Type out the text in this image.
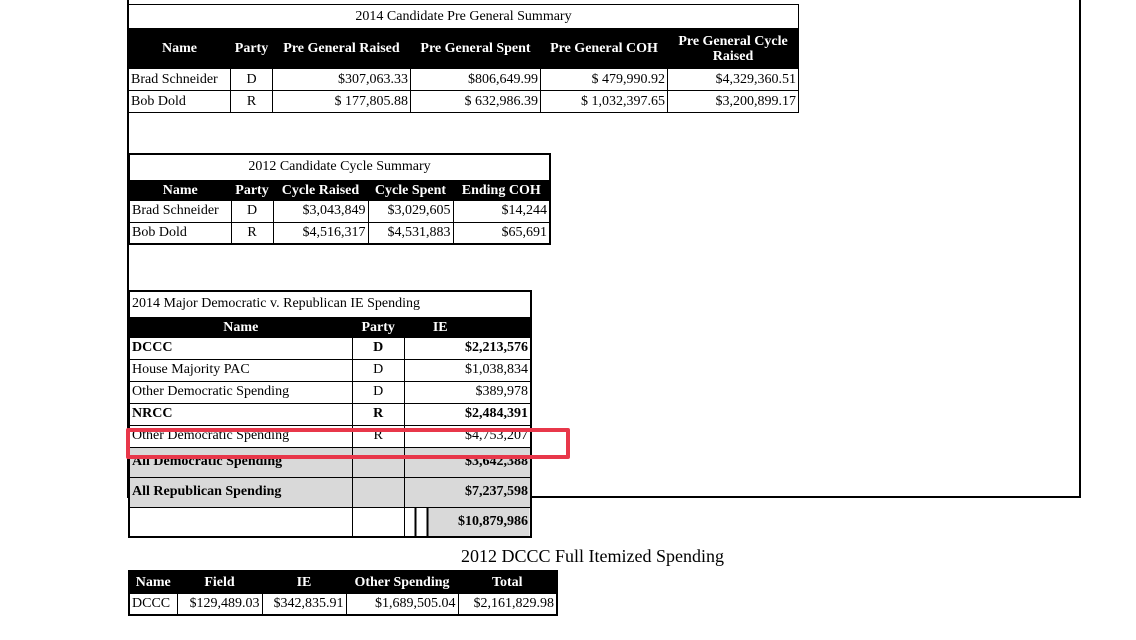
2014 Candidate Pre General Summary					
Name	Party	Pre General Raised	Pre General Spent	Pre General COH	Pre General Cycle Raised
Brad Schneider	D	$307,063.33	$806,649.99	$ 479,990.92	$4,329,360.51
Bob Dold	R	$ 177,805.88	$ 632,986.39	$ 1,032,397.65	$3,200,899.17
2012 Candidate Cycle Summary				
Name	Party	Cycle Raised	Cycle Spent	Ending COH
Brad Schneider	D	$3,043,849	$3,029,605	$14,244
Bob Dold	R	$4,516,317	$4,531,883	$65,691
2014 Major Democratic v. Republican IE Spending		
Name	Party	IE
DCCC	D	$2,213,576
House Majority PAC	D	$1,038,834
Other Democratic Spending	D	$389,978
NRCC	R	$2,484,391
Other Democratic Spending	R	$4,753,207
All Democratic Spending		$3,642,388
All Republican Spending		$7,237,598
		$10,879,986
2012 DCCC Full Itemized Spending
Name	Field	IE	Other Spending	Total
DCCC	$129,489.03	$342,835.91	$1,689,505.04	$2,161,829.98
